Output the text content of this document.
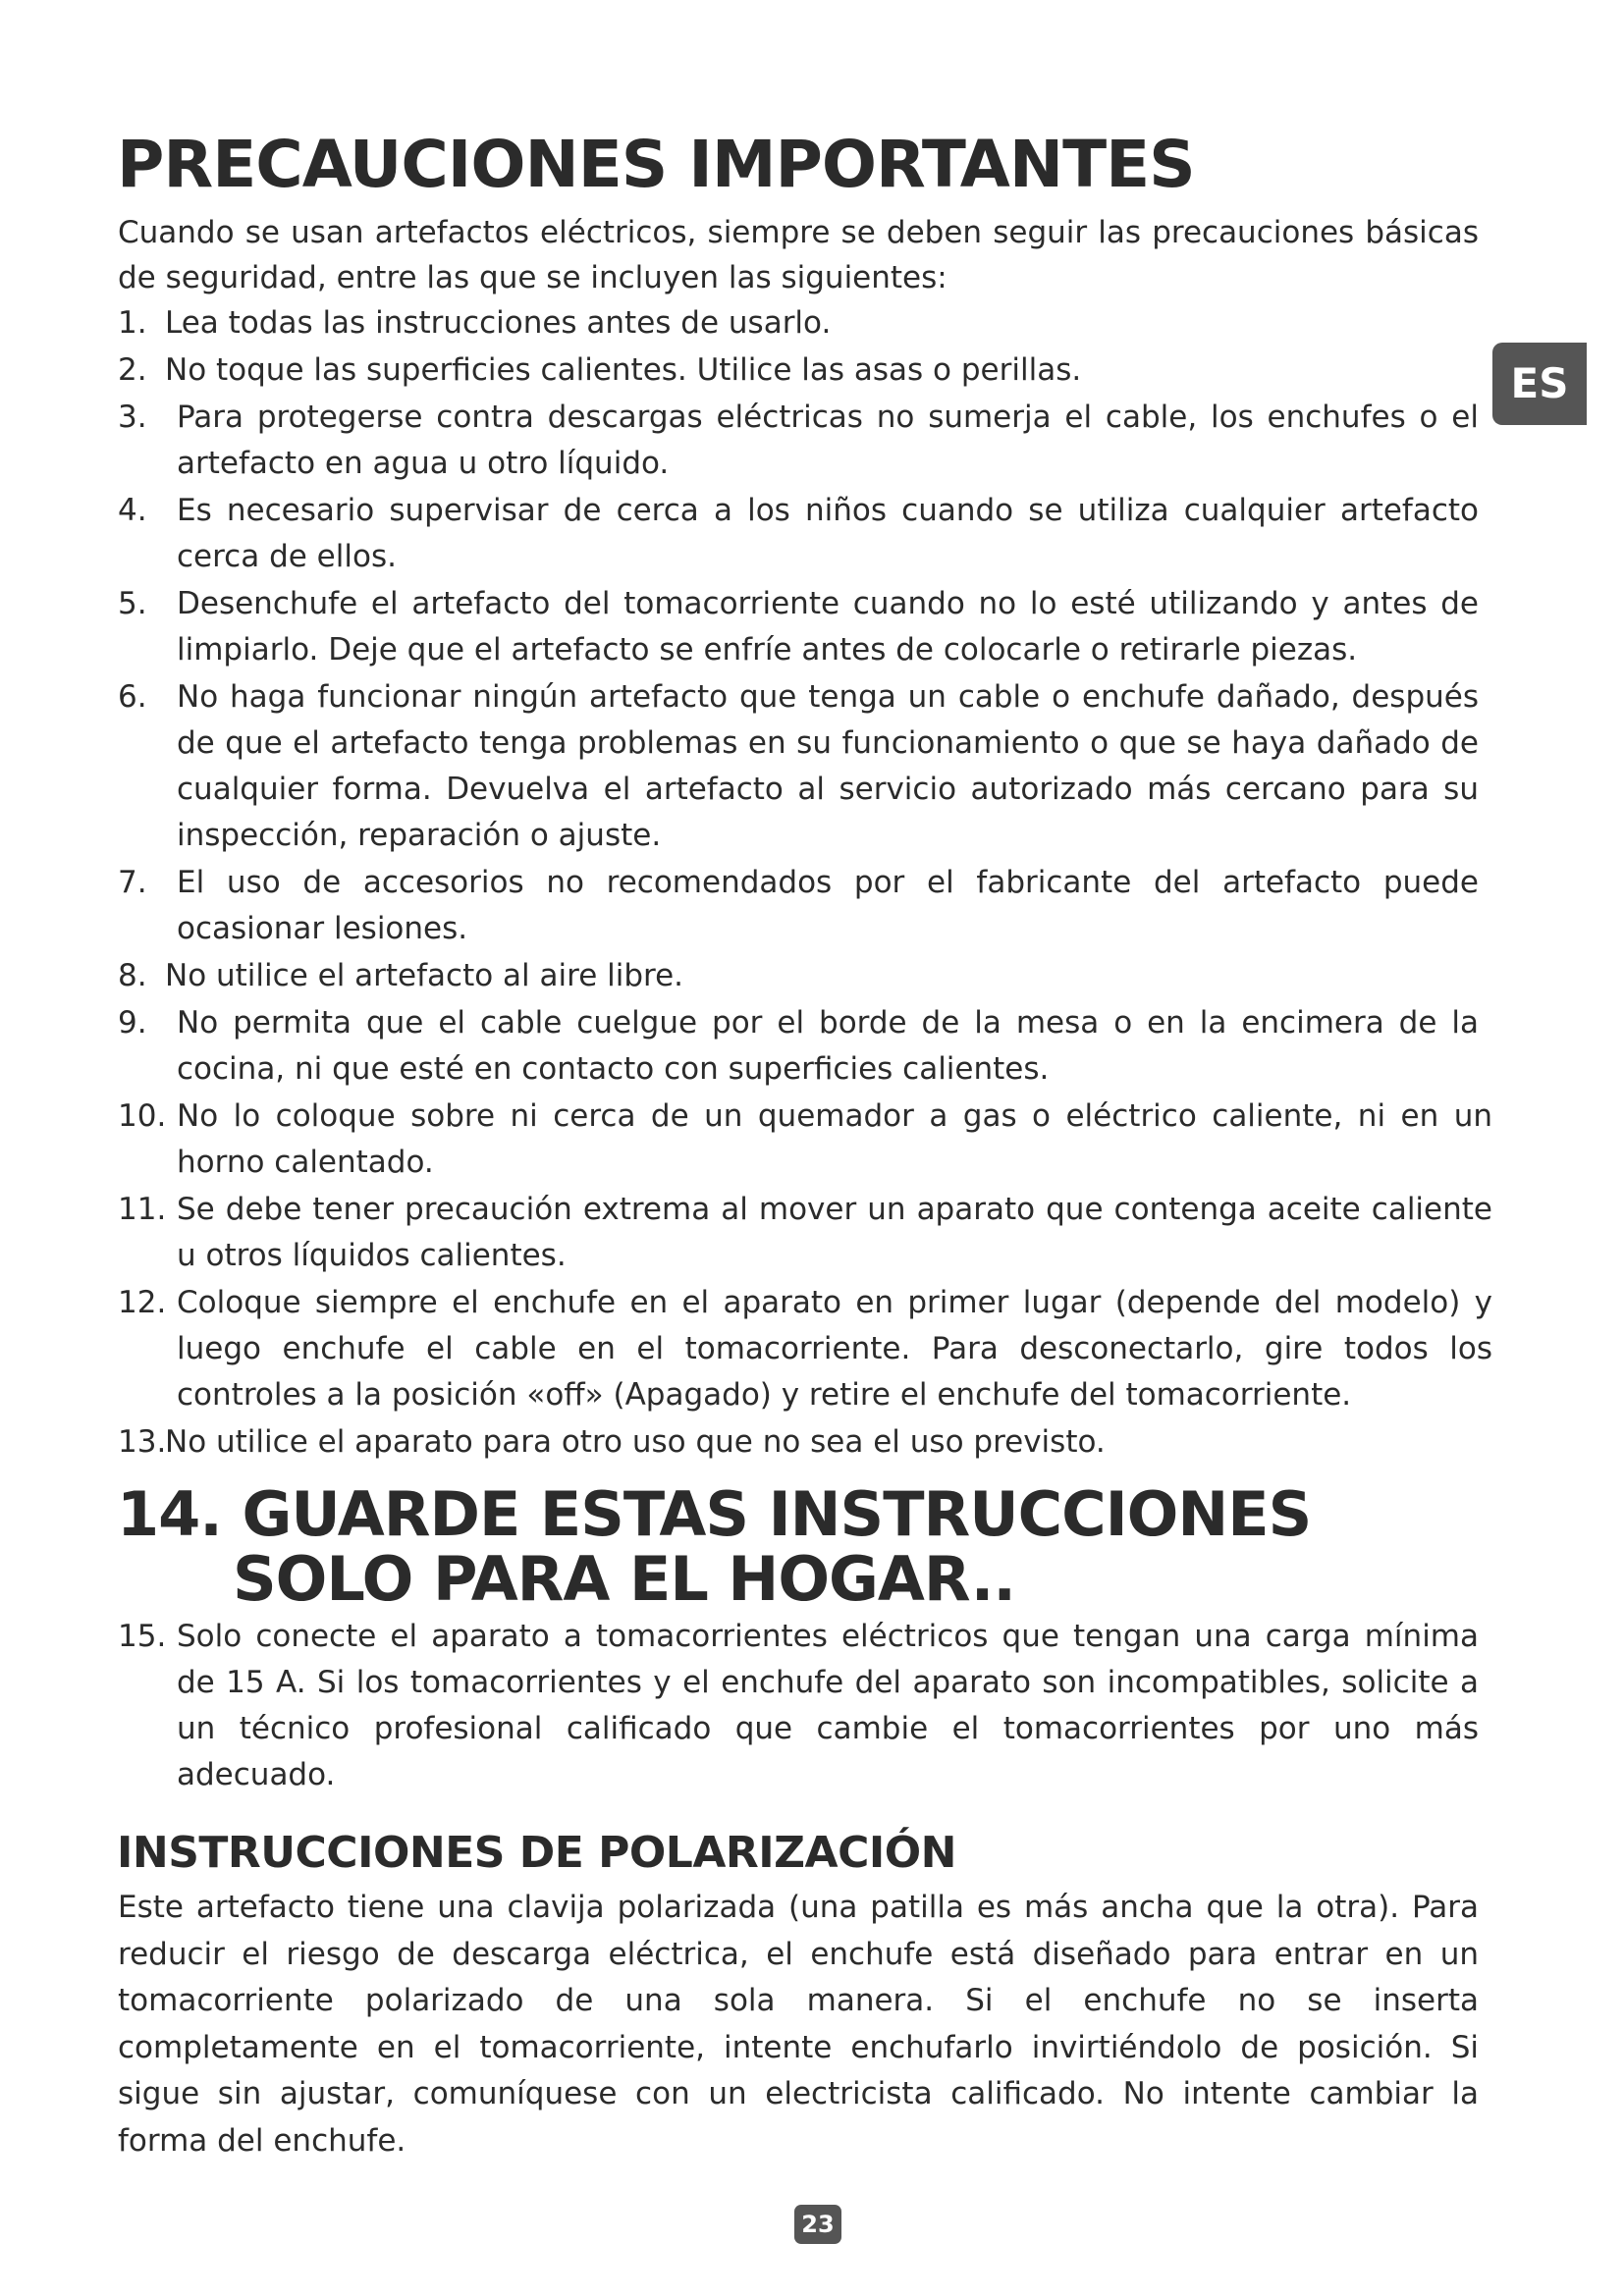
PRECAUCIONES IMPORTANTES

Cuando se usan artefactos eléctricos, siempre se deben seguir las precauciones básicas de seguridad, entre las que se incluyen las siguientes:

1. Lea todas las instrucciones antes de usarlo.
2. No toque las superficies calientes. Utilice las asas o perillas.
3. Para protegerse contra descargas eléctricas no sumerja el cable, los enchufes o el artefacto en agua u otro líquido.
4. Es necesario supervisar de cerca a los niños cuando se utiliza cualquier artefacto cerca de ellos.
5. Desenchufe el artefacto del tomacorriente cuando no lo esté utilizando y antes de limpiarlo. Deje que el artefacto se enfríe antes de colocarle o retirarle piezas.
6. No haga funcionar ningún artefacto que tenga un cable o enchufe dañado, después de que el artefacto tenga problemas en su funcionamiento o que se haya dañado de cualquier forma. Devuelva el artefacto al servicio autorizado más cercano para su inspección, reparación o ajuste.
7. El uso de accesorios no recomendados por el fabricante del artefacto puede ocasionar lesiones.
8. No utilice el artefacto al aire libre.
9. No permita que el cable cuelgue por el borde de la mesa o en la encimera de la cocina, ni que esté en contacto con superficies calientes.
10. No lo coloque sobre ni cerca de un quemador a gas o eléctrico caliente, ni en un horno calentado.
11. Se debe tener precaución extrema al mover un aparato que contenga aceite caliente u otros líquidos calientes.
12. Coloque siempre el enchufe en el aparato en primer lugar (depende del modelo) y luego enchufe el cable en el tomacorriente. Para desconectarlo, gire todos los controles a la posición «off» (Apagado) y retire el enchufe del tomacorriente.
13.
No utilice el aparato para otro uso que no sea el uso previsto.
14. GUARDE ESTAS INSTRUCCIONES
SOLO PARA EL HOGAR..
15. Solo conecte el aparato a tomacorrientes eléctricos que tengan una carga mínima de 15 A. Si los tomacorrientes y el enchufe del aparato son incompatibles, solicite a un técnico profesional calificado que cambie el tomacorrientes por uno más adecuado.
INSTRUCCIONES DE POLARIZACIÓN

Este artefacto tiene una clavija polarizada (una patilla es más ancha que la otra). Para reducir el riesgo de descarga eléctrica, el enchufe está diseñado para entrar en un tomacorriente polarizado de una sola manera. Si el enchufe no se inserta completamente en el tomacorriente, intente enchufarlo invirtiéndolo de posición. Si sigue sin ajustar, comuníquese con un electricista calificado. No intente cambiar la forma del enchufe.

ES
23
